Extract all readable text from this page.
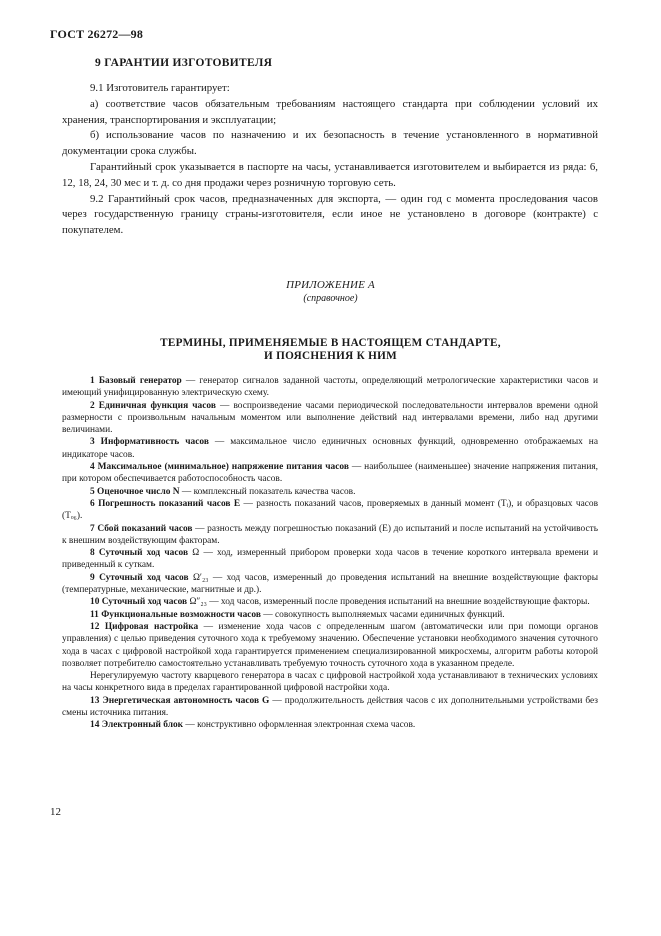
ГОСТ 26272—98
9 ГАРАНТИИ ИЗГОТОВИТЕЛЯ

9.1 Изготовитель гарантирует:

а) соответствие часов обязательным требованиям настоящего стандарта при соблюдении условий их хранения, транспортирования и эксплуатации;

б) использование часов по назначению и их безопасность в течение установленного в нормативной документации срока службы.

Гарантийный срок указывается в паспорте на часы, устанавливается изготовителем и выбирается из ряда: 6, 12, 18, 24, 30 мес и т. д. со дня продажи через розничную торговую сеть.

9.2 Гарантийный срок часов, предназначенных для экспорта, — один год с момента проследования часов через государственную границу страны-изготовителя, если иное не установлено в договоре (контракте) с покупателем.

ПРИЛОЖЕНИЕ А
(справочное)
ТЕРМИНЫ, ПРИМЕНЯЕМЫЕ В НАСТОЯЩЕМ СТАНДАРТЕ,
И ПОЯСНЕНИЯ К НИМ

1 Базовый генератор — генератор сигналов заданной частоты, определяющий метрологические характеристики часов и имеющий унифицированную электрическую схему.

2 Единичная функция часов — воспроизведение часами периодической последовательности интервалов времени одной размерности с произвольным начальным моментом или выполнение действий над интервалами времени, либо над другими величинами.

3 Информативность часов — максимальное число единичных основных функций, одновременно отображаемых на индикаторе часов.

4 Максимальное (минимальное) напряжение питания часов — наибольшее (наименьшее) значение напряжения питания, при котором обеспечивается работоспособность часов.

5 Оценочное число N — комплексный показатель качества часов.

6 Погрешность показаний часов E — разность показаний часов, проверяемых в данный момент (Tᵢ), и образцовых часов (Tₒ₆).

7 Сбой показаний часов — разность между погрешностью показаний (E) до испытаний и после испытаний на устойчивость к внешним воздействующим факторам.

8 Суточный ход часов Ω — ход, измеренный прибором проверки хода часов в течение короткого интервала времени и приведенный к суткам.

9 Суточный ход часов Ω′₂₃ — ход часов, измеренный до проведения испытаний на внешние воздействующие факторы (температурные, механические, магнитные и др.).

10 Суточный ход часов Ω″₂₃ — ход часов, измеренный после проведения испытаний на внешние воздействующие факторы.

11 Функциональные возможности часов — совокупность выполняемых часами единичных функций.

12 Цифровая настройка — изменение хода часов с определенным шагом (автоматически или при помощи органов управления) с целью приведения суточного хода к требуемому значению. Обеспечение установки необходимого значения суточного хода в часах с цифровой настройкой хода гарантируется применением специализированной микросхемы, алгоритм работы которой позволяет потребителю самостоятельно устанавливать требуемую точность суточного хода в указанном пределе.

Нерегулируемую частоту кварцевого генератора в часах с цифровой настройкой хода устанавливают в технических условиях на часы конкретного вида в пределах гарантированной цифровой настройки хода.

13 Энергетическая автономность часов G — продолжительность действия часов с их дополнительными устройствами без смены источника питания.

14 Электронный блок — конструктивно оформленная электронная схема часов.

12
